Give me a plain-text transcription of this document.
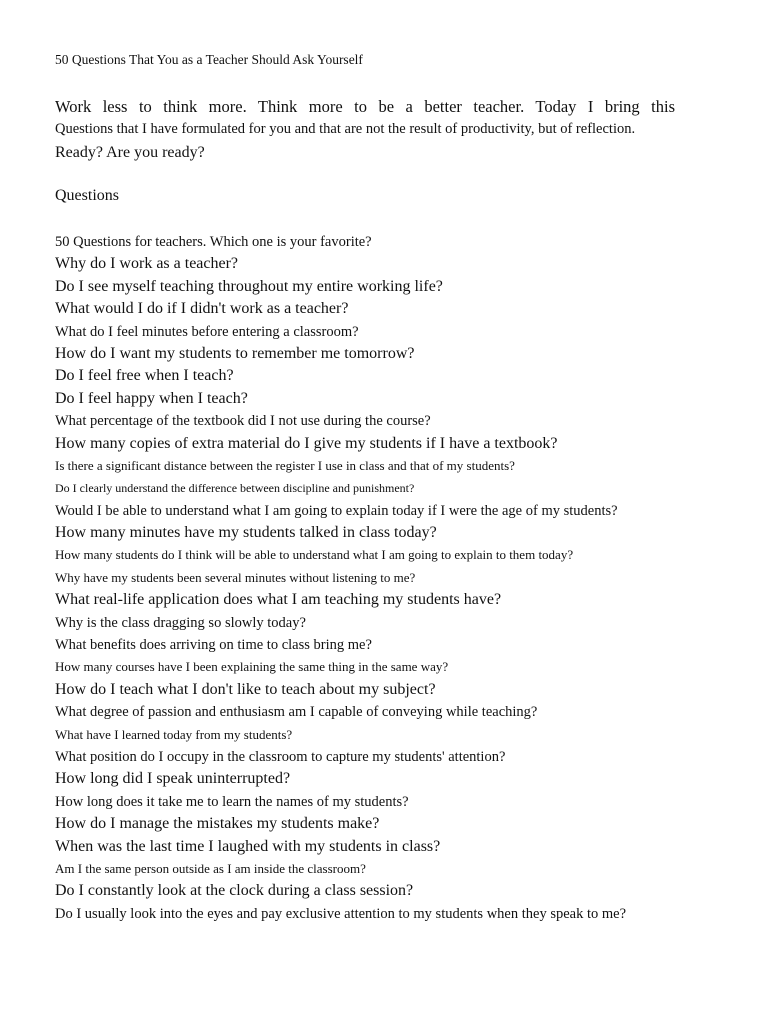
50 Questions That You as a Teacher Should Ask Yourself
Work less to think more. Think more to be a better teacher. Today I bring this
Questions that I have formulated for you and that are not the result of productivity, but of reflection.
Ready? Are you ready?
Questions
50 Questions for teachers. Which one is your favorite?
Why do I work as a teacher?
Do I see myself teaching throughout my entire working life?
What would I do if I didn't work as a teacher?
What do I feel minutes before entering a classroom?
How do I want my students to remember me tomorrow?
Do I feel free when I teach?
Do I feel happy when I teach?
What percentage of the textbook did I not use during the course?
How many copies of extra material do I give my students if I have a textbook?
Is there a significant distance between the register I use in class and that of my students?
Do I clearly understand the difference between discipline and punishment?
Would I be able to understand what I am going to explain today if I were the age of my students?
How many minutes have my students talked in class today?
How many students do I think will be able to understand what I am going to explain to them today?
Why have my students been several minutes without listening to me?
What real-life application does what I am teaching my students have?
Why is the class dragging so slowly today?
What benefits does arriving on time to class bring me?
How many courses have I been explaining the same thing in the same way?
How do I teach what I don't like to teach about my subject?
What degree of passion and enthusiasm am I capable of conveying while teaching?
What have I learned today from my students?
What position do I occupy in the classroom to capture my students' attention?
How long did I speak uninterrupted?
How long does it take me to learn the names of my students?
How do I manage the mistakes my students make?
When was the last time I laughed with my students in class?
Am I the same person outside as I am inside the classroom?
Do I constantly look at the clock during a class session?
Do I usually look into the eyes and pay exclusive attention to my students when they speak to me?
